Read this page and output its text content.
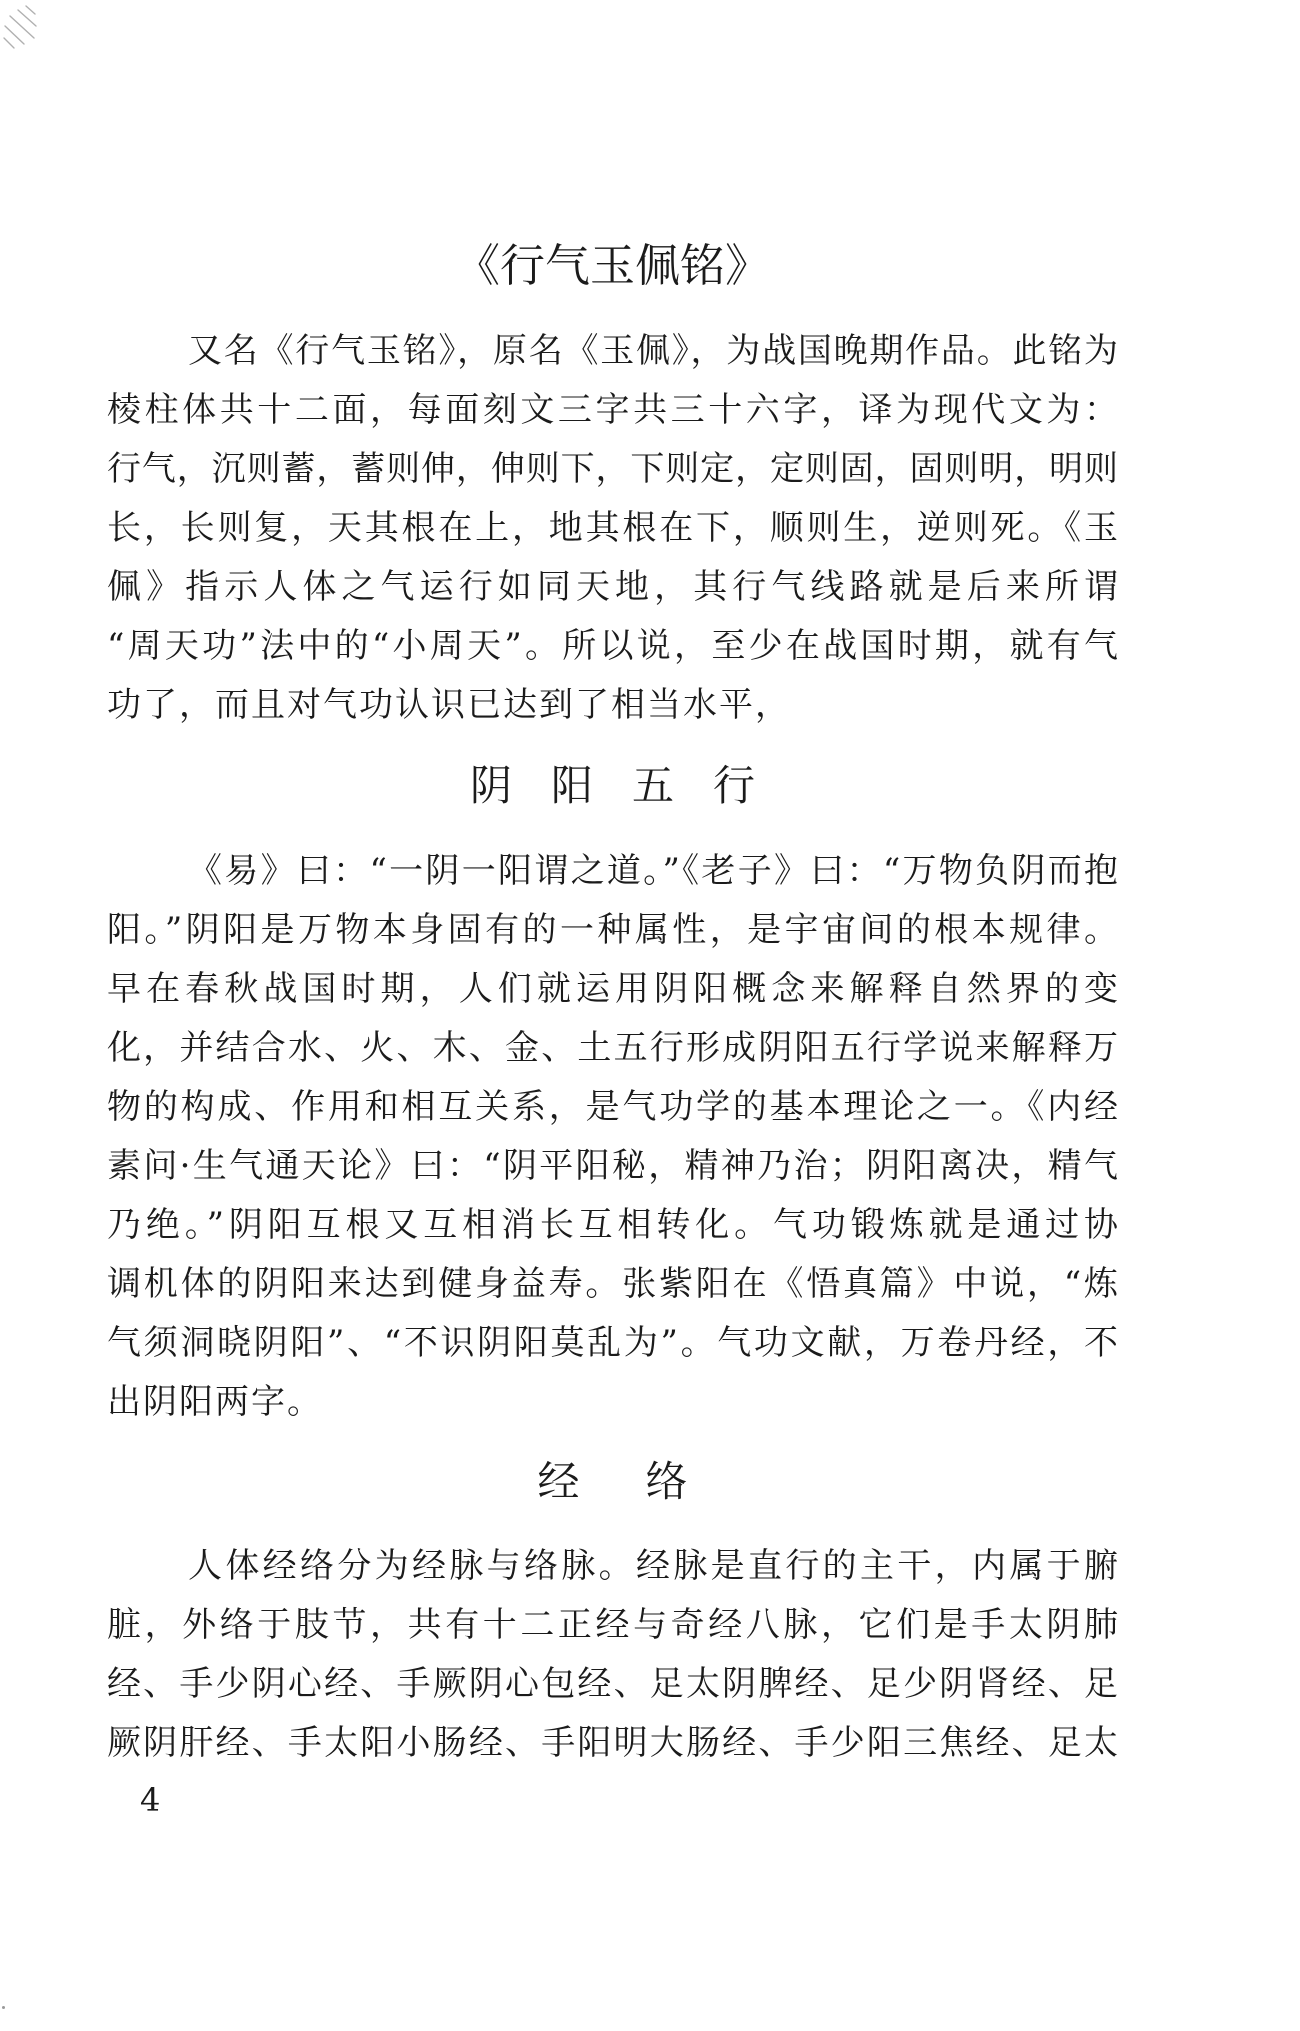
《行气玉佩铭》
又名《行气玉铭》，原名《玉佩》，为战国晚期作品。此铭为
棱柱体共十二面，每面刻文三字共三十六字，译为现代文为：
行气，沉则蓄，蓄则伸，伸则下，下则定，定则固，固则明，明则
长，长则复，天其根在上，地其根在下，顺则生，逆则死。《玉
佩》指示人体之气运行如同天地，其行气线路就是后来所谓
“周天功”法中的“小周天”。所以说，至少在战国时期，就有气
功了，而且对气功认识已达到了相当水平，
阴阳五行
《易》曰：“一阴一阳谓之道。”《老子》曰：“万物负阴而抱
阳。”阴阳是万物本身固有的一种属性，是宇宙间的根本规律。
早在春秋战国时期，人们就运用阴阳概念来解释自然界的变
化，并结合水、火、木、金、土五行形成阴阳五行学说来解释万
物的构成、作用和相互关系，是气功学的基本理论之一。《内经
素问·生气通天论》曰：“阴平阳秘，精神乃治；阴阳离决，精气
乃绝。”阴阳互根又互相消长互相转化。气功锻炼就是通过协
调机体的阴阳来达到健身益寿。张紫阳在《悟真篇》中说，“炼
气须洞晓阴阳”、“不识阴阳莫乱为”。气功文献，万卷丹经，不
出阴阳两字。
经络
人体经络分为经脉与络脉。经脉是直行的主干，内属于腑
脏，外络于肢节，共有十二正经与奇经八脉，它们是手太阴肺
经、手少阴心经、手厥阴心包经、足太阴脾经、足少阴肾经、足
厥阴肝经、手太阳小肠经、手阳明大肠经、手少阳三焦经、足太
4
